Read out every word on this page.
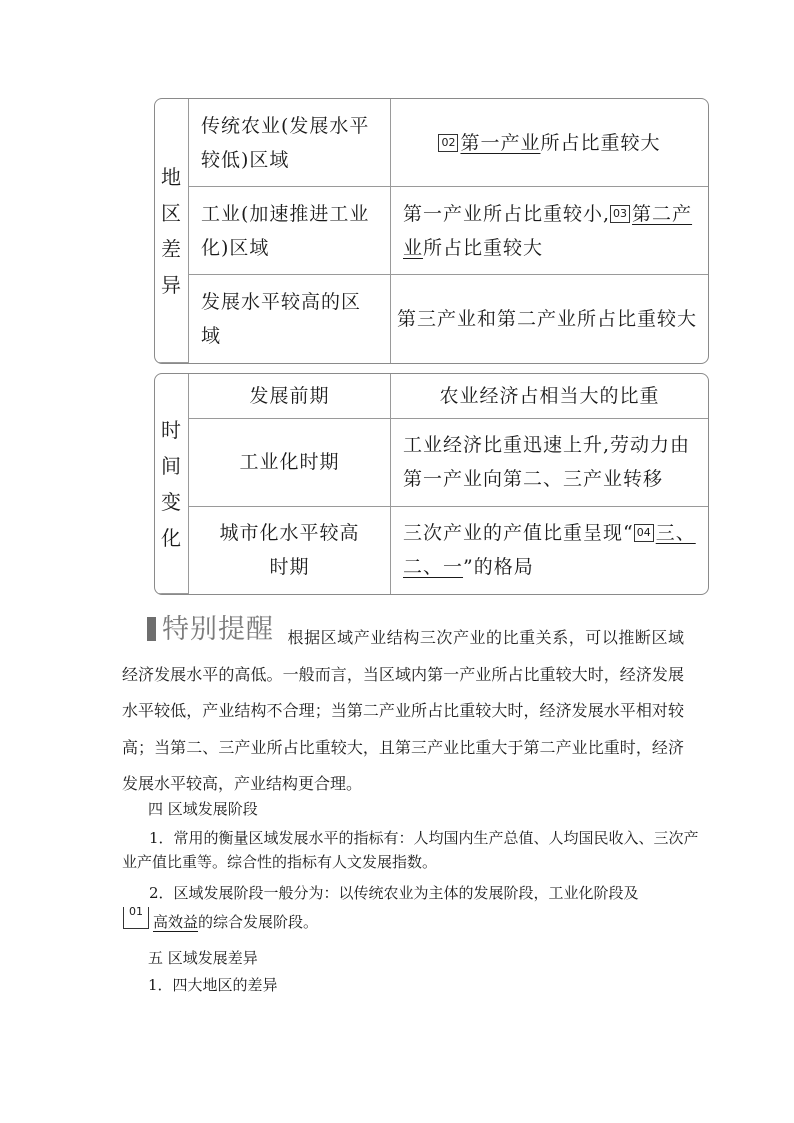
地
区
差
异	传统农业(发展水平较低)区域	02 第一产业所占比重较大
	工业(加速推进工业化)区域	第一产业所占比重较小, 03 第二产业所占比重较大
	发展水平较高的区域	第三产业和第二产业所占比重较大
时
间
变
化	发展前期	农业经济占相当大的比重
	工业化时期	工业经济比重迅速上升,劳动力由第一产业向第二、三产业转移
	城市化水平较高时期	三次产业的产值比重呈现“ 04 三、二、一”的格局
特别提醒 根据区域产业结构三次产业的比重关系，可以推断区域经济发展水平的高低。一般而言，当区域内第一产业所占比重较大时，经济发展水平较低，产业结构不合理；当第二产业所占比重较大时，经济发展水平相对较高；当第二、三产业所占比重较大，且第三产业比重大于第二产业比重时，经济发展水平较高，产业结构更合理。
四 区域发展阶段
1．常用的衡量区域发展水平的指标有：人均国内生产总值、人均国民收入、三次产业产值比重等。综合性的指标有人文发展指数。
2．区域发展阶段一般分为：以传统农业为主体的发展阶段，工业化阶段及
01
高效益的综合发展阶段。
五 区域发展差异
1．四大地区的差异
